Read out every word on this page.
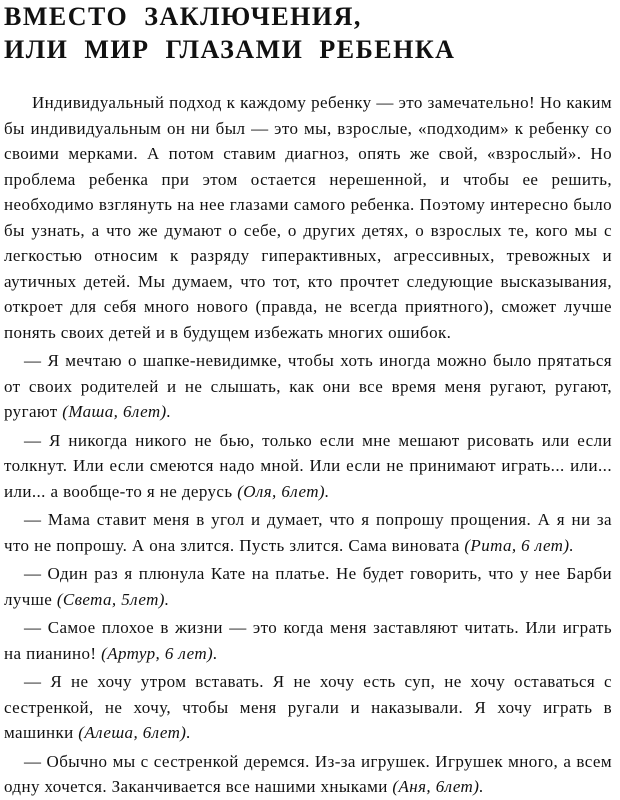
ВМЕСТО ЗАКЛЮЧЕНИЯ,
ИЛИ МИР ГЛАЗАМИ РЕБЕНКА

Индивидуальный подход к каждому ребенку — это замечательно! Но каким бы индивидуальным он ни был — это мы, взрослые, «подходим» к ребенку со своими мерками. А потом ставим диагноз, опять же свой, «взрослый». Но проблема ребенка при этом остается нерешенной, и чтобы ее решить, необходимо взглянуть на нее глазами самого ребенка. Поэтому интересно было бы узнать, а что же думают о себе, о других детях, о взрослых те, кого мы с легкостью относим к разряду гиперактивных, агрессивных, тревожных и аутичных детей. Мы думаем, что тот, кто прочтет следующие высказывания, откроет для себя много нового (правда, не всегда приятного), сможет лучше понять своих детей и в будущем избежать многих ошибок.

— Я мечтаю о шапке-невидимке, чтобы хоть иногда можно было прятаться от своих родителей и не слышать, как они все время меня ругают, ругают, ругают (Маша, 6лет).

— Я никогда никого не бью, только если мне мешают рисовать или если толкнут. Или если смеются надо мной. Или если не принимают играть... или... или... а вообще-то я не дерусь (Оля, 6лет).

— Мама ставит меня в угол и думает, что я попрошу прощения. А я ни за что не попрошу. А она злится. Пусть злится. Сама виновата (Рита, 6 лет).

— Один раз я плюнула Кате на платье. Не будет говорить, что у нее Барби лучше (Света, 5лет).

— Самое плохое в жизни — это когда меня заставляют читать. Или играть на пианино! (Артур, 6 лет).

— Я не хочу утром вставать. Я не хочу есть суп, не хочу оставаться с сестренкой, не хочу, чтобы меня ругали и наказывали. Я хочу играть в машинки (Алеша, 6лет).

— Обычно мы с сестренкой деремся. Из-за игрушек. Игрушек много, а всем одну хочется. Заканчивается все нашими хныками (Аня, 6лет).
